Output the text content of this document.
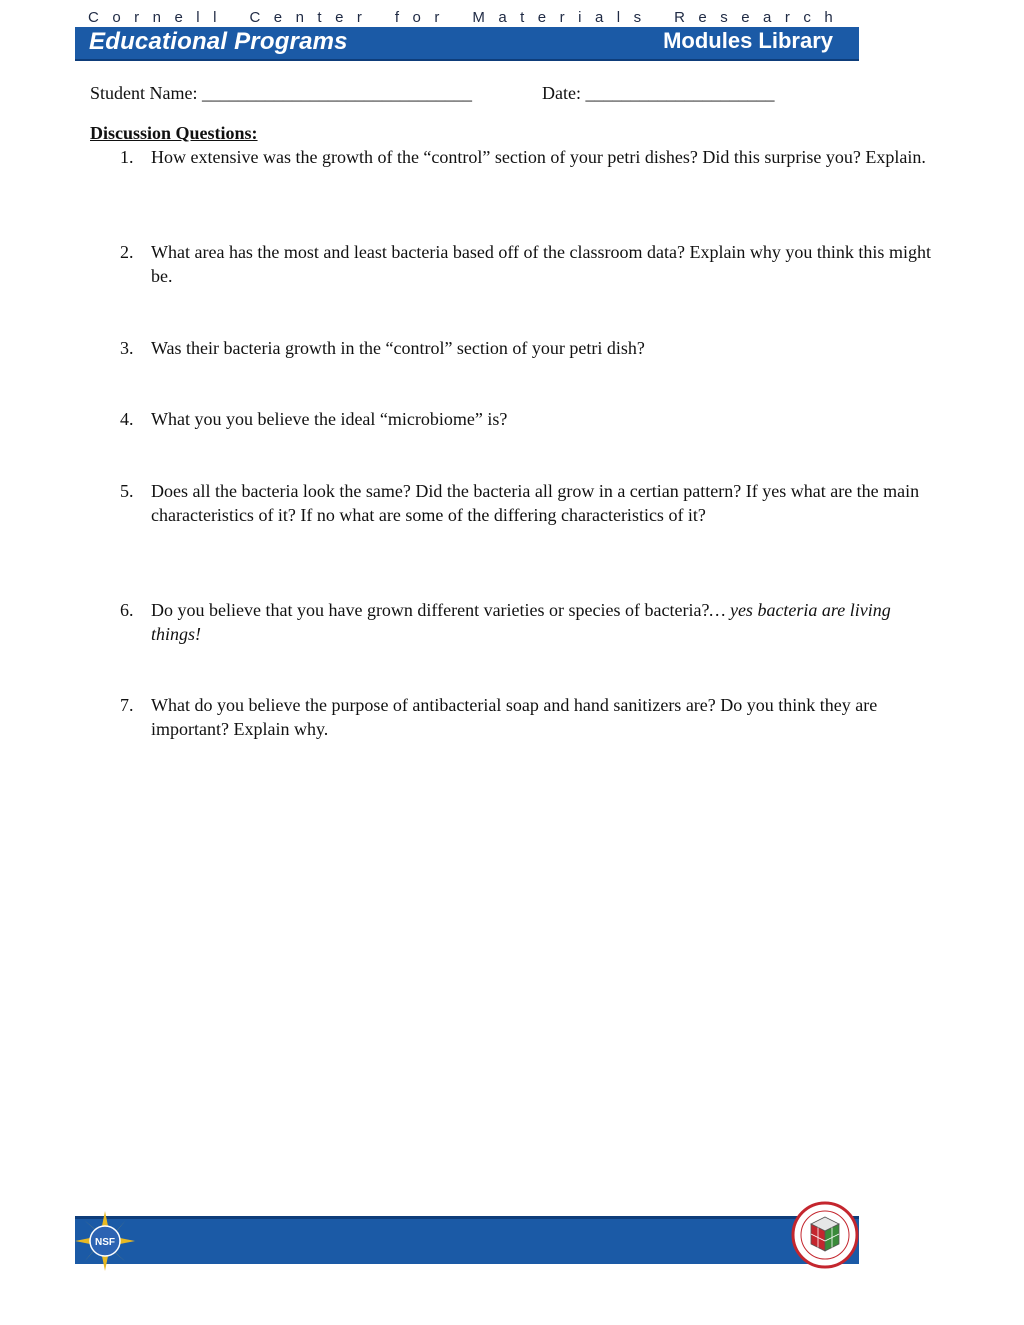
C o r n e l l C e n t e r f o r M a t e r i a l s R e s e a r c h
Educational Programs	Modules Library
Student Name: ______________________________	Date: _____________________
Discussion Questions:
1. How extensive was the growth of the “control” section of your petri dishes? Did this surprise you? Explain.
2. What area has the most and least bacteria based off of the classroom data? Explain why you think this might be.
3. Was their bacteria growth in the “control” section of your petri dish?
4. What you you believe the ideal “microbiome” is?
5. Does all the bacteria look the same? Did the bacteria all grow in a certian pattern? If yes what are the main characteristics of it? If no what are some of the differing characteristics of it?
6. Do you believe that you have grown different varieties or species of bacteria?… yes bacteria are living things!
7. What do you believe the purpose of antibacterial soap and hand sanitizers are? Do you think they are important? Explain why.
NSF
